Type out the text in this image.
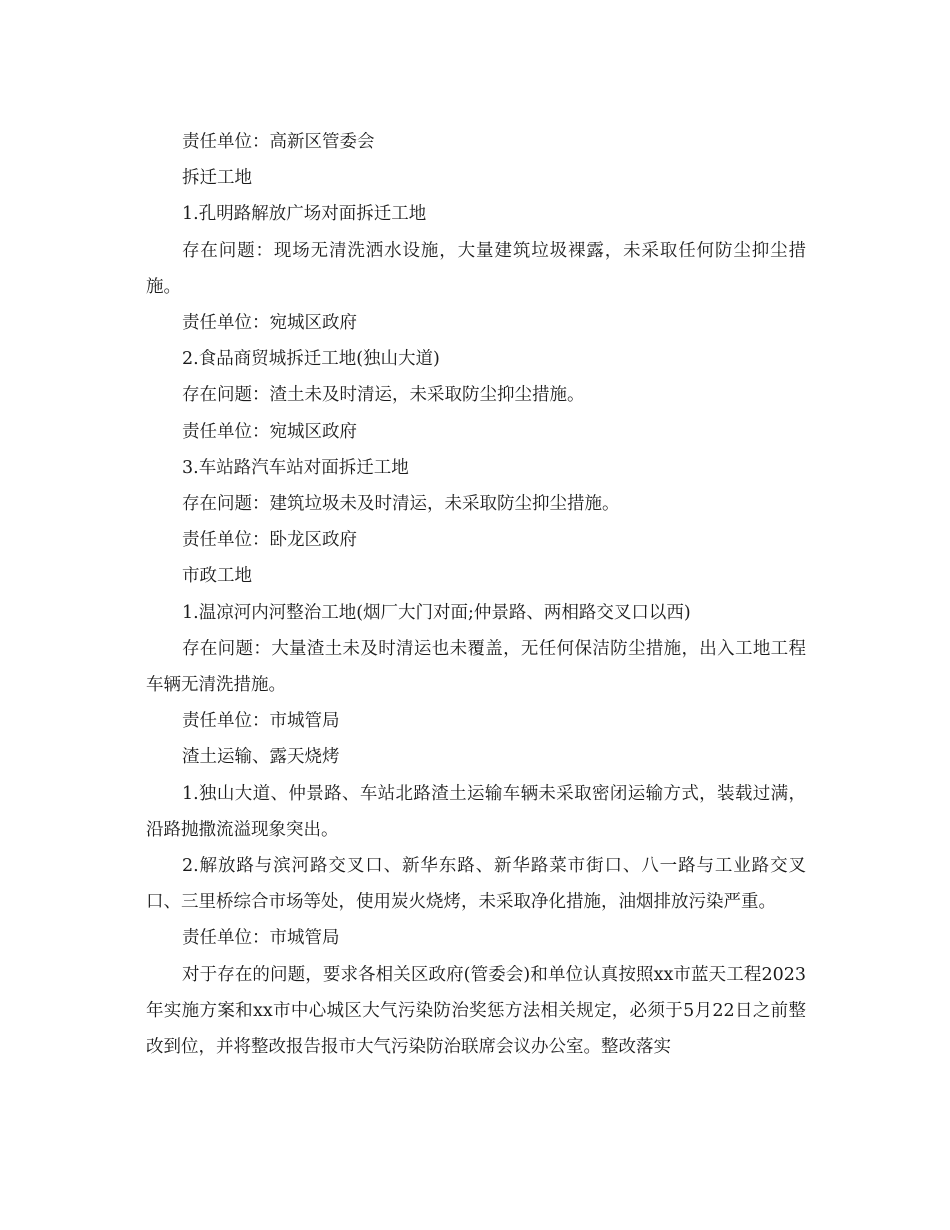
责任单位：高新区管委会

拆迁工地

1.孔明路解放广场对面拆迁工地

存在问题：现场无清洗洒水设施，大量建筑垃圾裸露，未采取任何防尘抑尘措施。

责任单位：宛城区政府

2.食品商贸城拆迁工地(独山大道)

存在问题：渣土未及时清运，未采取防尘抑尘措施。

责任单位：宛城区政府

3.车站路汽车站对面拆迁工地

存在问题：建筑垃圾未及时清运，未采取防尘抑尘措施。

责任单位：卧龙区政府

市政工地

1.温凉河内河整治工地(烟厂大门对面;仲景路、两相路交叉口以西)

存在问题：大量渣土未及时清运也未覆盖，无任何保洁防尘措施，出入工地工程车辆无清洗措施。

责任单位：市城管局

渣土运输、露天烧烤

1.独山大道、仲景路、车站北路渣土运输车辆未采取密闭运输方式，装载过满，沿路抛撒流溢现象突出。

2.解放路与滨河路交叉口、新华东路、新华路菜市街口、八一路与工业路交叉口、三里桥综合市场等处，使用炭火烧烤，未采取净化措施，油烟排放污染严重。

责任单位：市城管局

对于存在的问题，要求各相关区政府(管委会)和单位认真按照xx市蓝天工程2023年实施方案和xx市中心城区大气污染防治奖惩方法相关规定，必须于5月22日之前整改到位，并将整改报告报市大气污染防治联席会议办公室。整改落实
